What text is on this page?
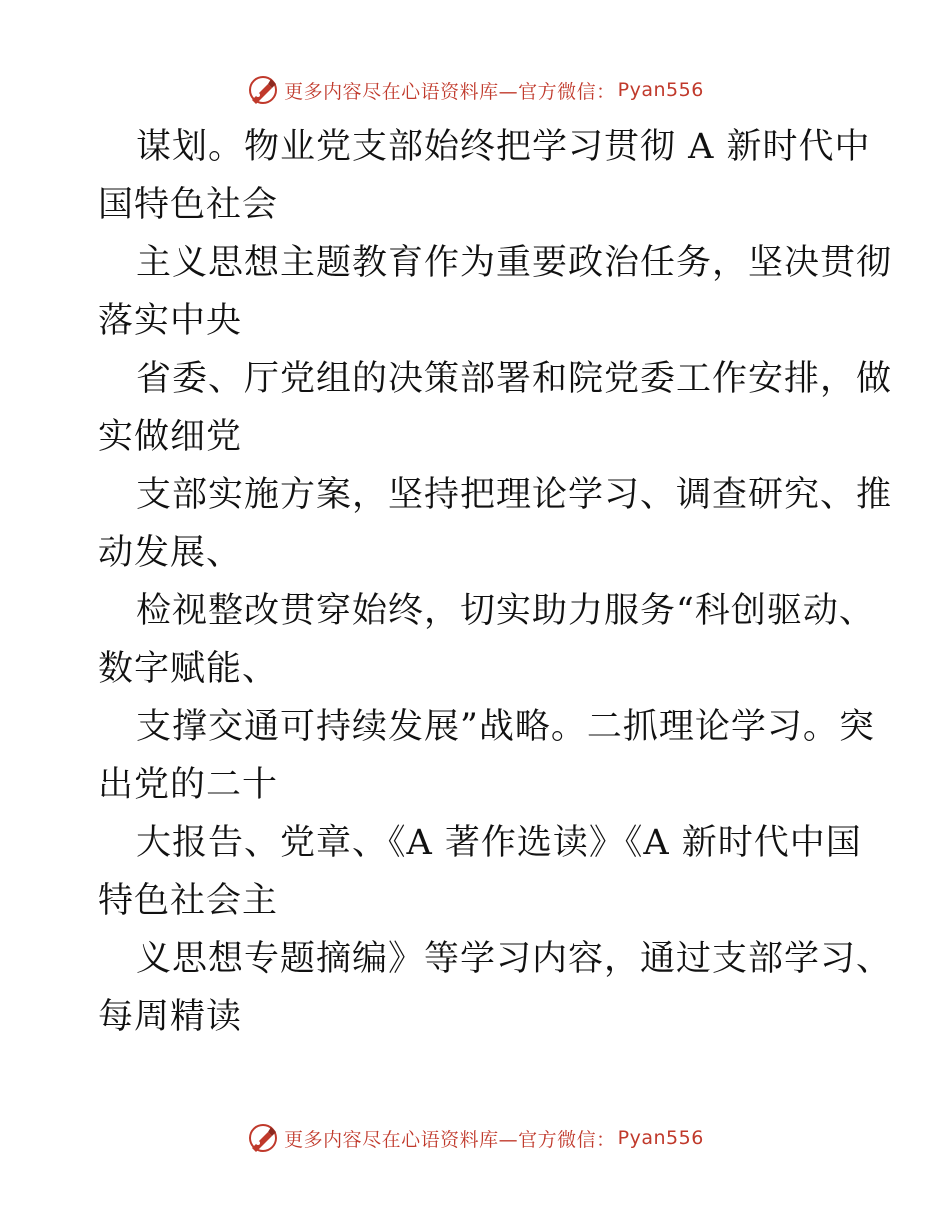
更多内容尽在心语资料库—官方微信： Pyan556
谋划。物业党支部始终把学习贯彻 A 新时代中
国特色社会
主义思想主题教育作为重要政治任务，坚决贯彻
落实中央
省委、厅党组的决策部署和院党委工作安排，做
实做细党
支部实施方案，坚持把理论学习、调查研究、推
动发展、
检视整改贯穿始终，切实助力服务“科创驱动、
数字赋能、
支撑交通可持续发展”战略。二抓理论学习。突
出党的二十
大报告、党章、《A 著作选读》《A 新时代中国
特色社会主
义思想专题摘编》等学习内容，通过支部学习、
每周精读
更多内容尽在心语资料库—官方微信： Pyan556
